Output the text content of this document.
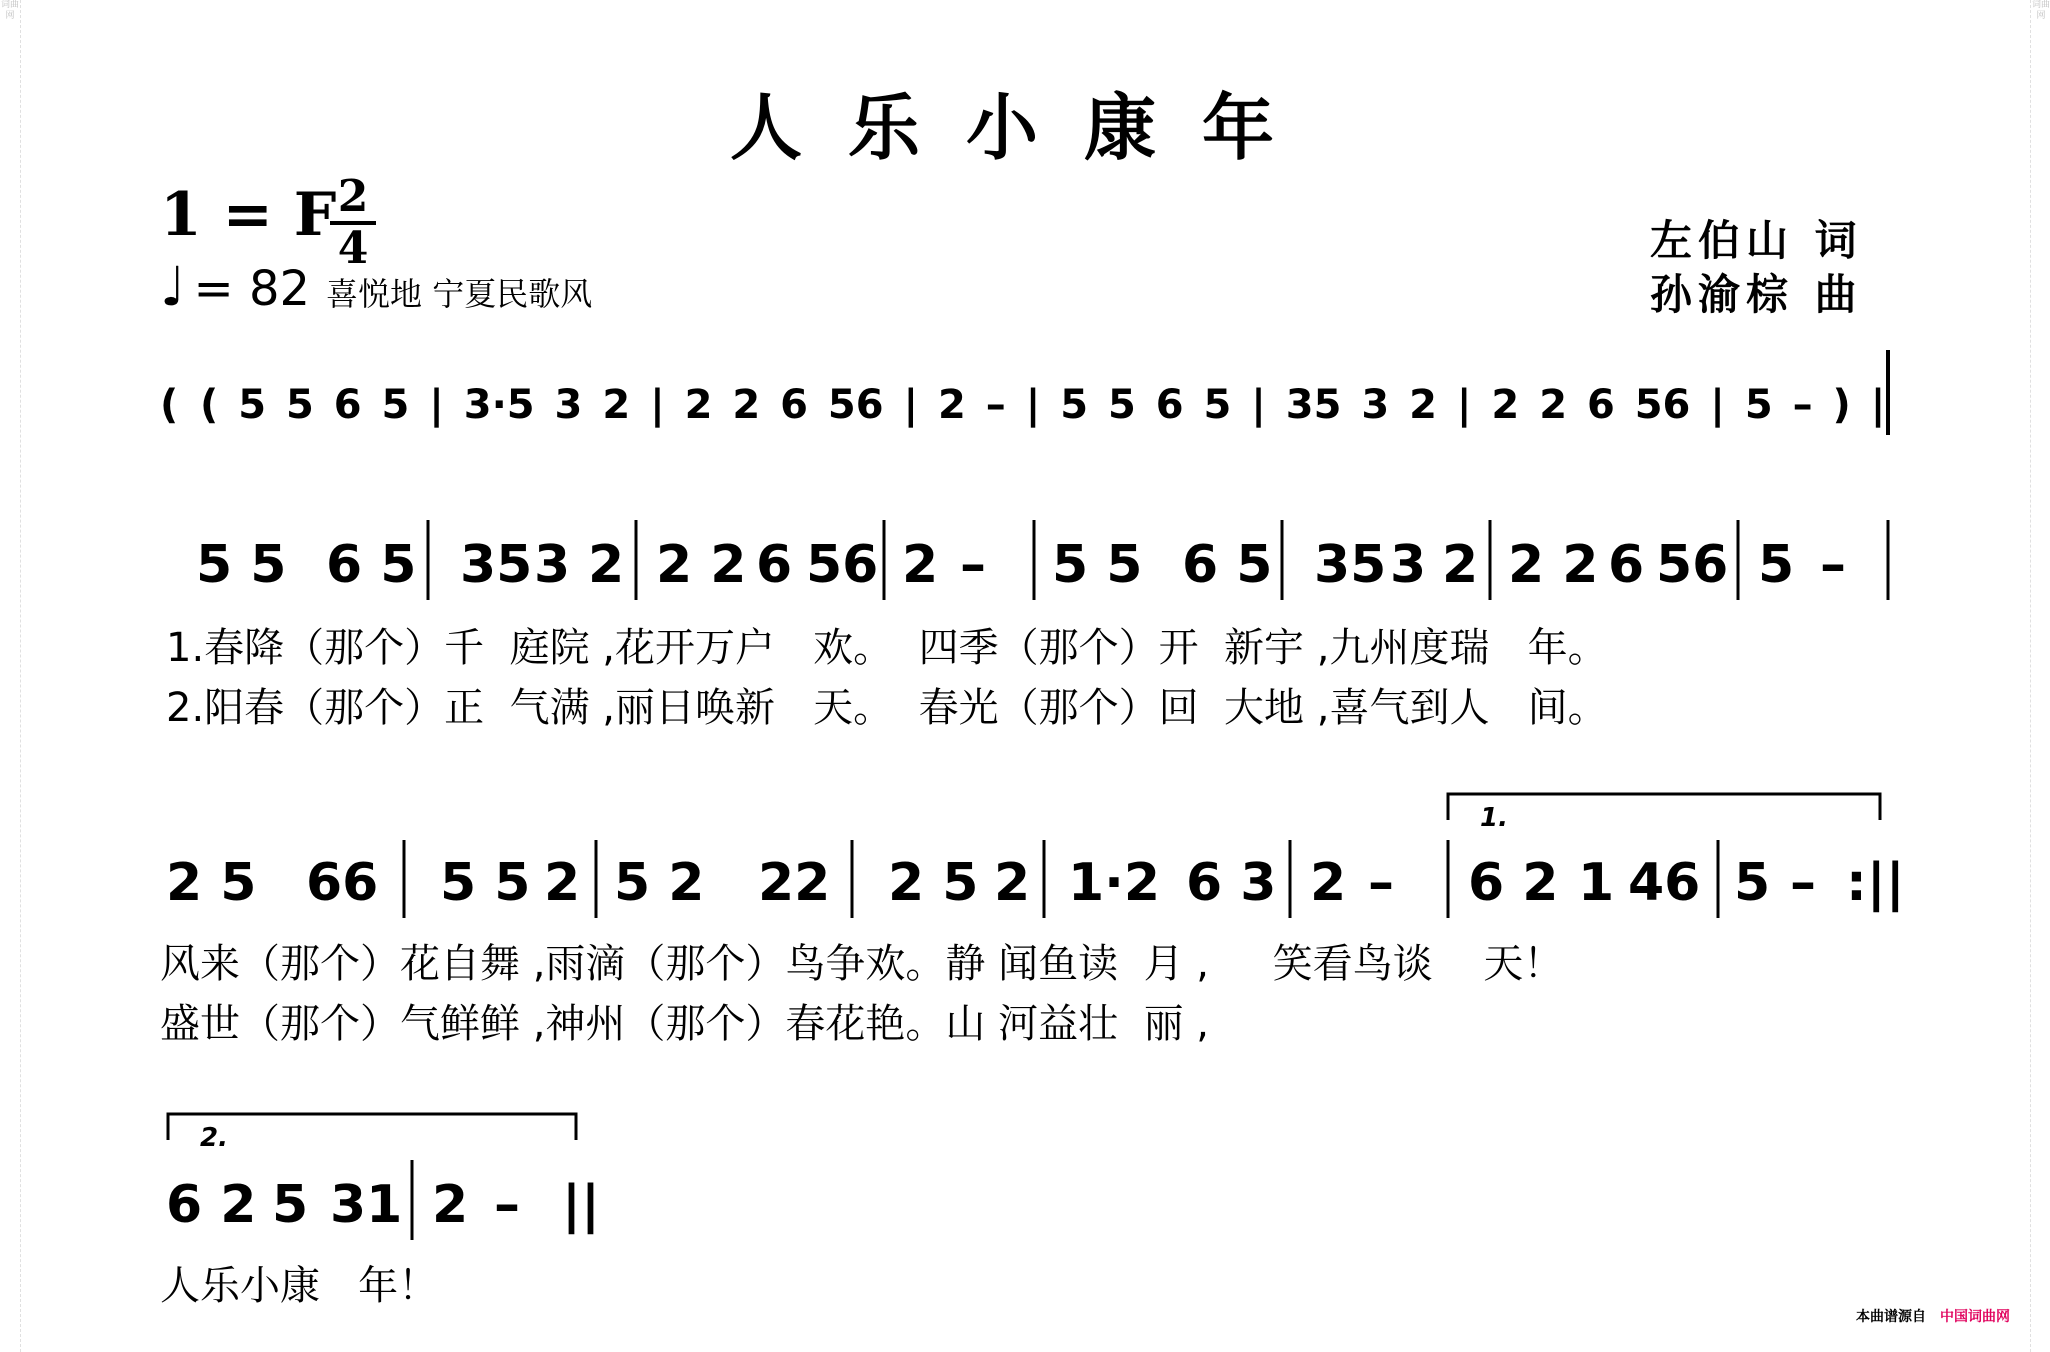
词曲网
词曲网
人乐小康年
1 = F 2
4
♩ = 82 喜悦地 宁夏民歌风
左伯山 词
孙渝棕 曲
( ( 5 5 6 5 | 3·5 3 2 | 2 2 6 56 | 2 – | 5 5 6 5 | 35 3 2 | 2 2 6 56 | 5 – ) |
5 5 6 5 35 3 2 2 2 6 56 2 – 5 5 6 5 35 3 2 2 2 6 56 5 –
1.
2 5 66 5 5 2 5 2 22 2 5 2 1·2 6 3 2 – 6 2 1 46 5 – :||
2.
6 2 5 31 2 – ||
1.春降（那个）千  庭院 ,花开万户   欢。  四季（那个）开  新宇 ,九州度瑞   年。
2.阳春（那个）正  气满 ,丽日唤新   天。  春光（那个）回  大地 ,喜气到人   间。
风来（那个）花自舞 ,雨滴（那个）鸟争欢。静 闻鱼读  月 ,     笑看鸟谈    天！
盛世（那个）气鲜鲜 ,神州（那个）春花艳。山 河益壮  丽 ,
人乐小康   年！
本曲谱源自 中国词曲网
